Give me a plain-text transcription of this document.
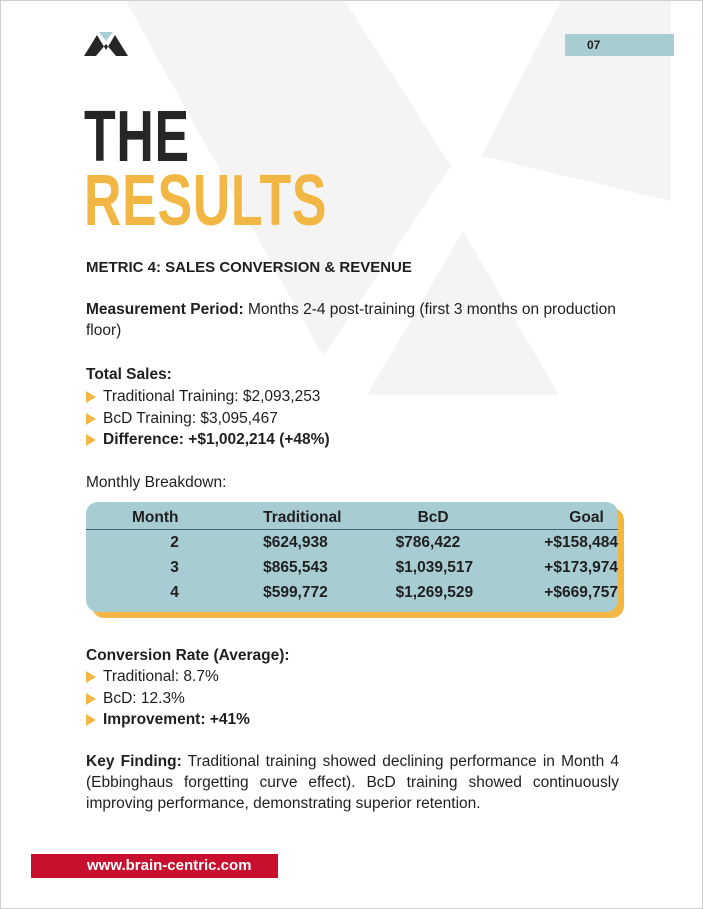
07
THE
RESULTS
METRIC 4: SALES CONVERSION & REVENUE
Measurement Period: Months 2-4 post-training (first 3 months on production floor)
Total Sales:
Traditional Training: $2,093,253
BcD Training: $3,095,467
Difference: +$1,002,214 (+48%)
Monthly Breakdown:
Month	Traditional	BcD	Goal
2	$624,938	$786,422	+$158,484
3	$865,543	$1,039,517	+$173,974
4	$599,772	$1,269,529	+$669,757
Conversion Rate (Average):
Traditional: 8.7%
BcD: 12.3%
Improvement: +41%
Key Finding: Traditional training showed declining performance in Month 4 (Ebbinghaus forgetting curve effect). BcD training showed continuously improving performance, demonstrating superior retention.
www.brain-centric.com
